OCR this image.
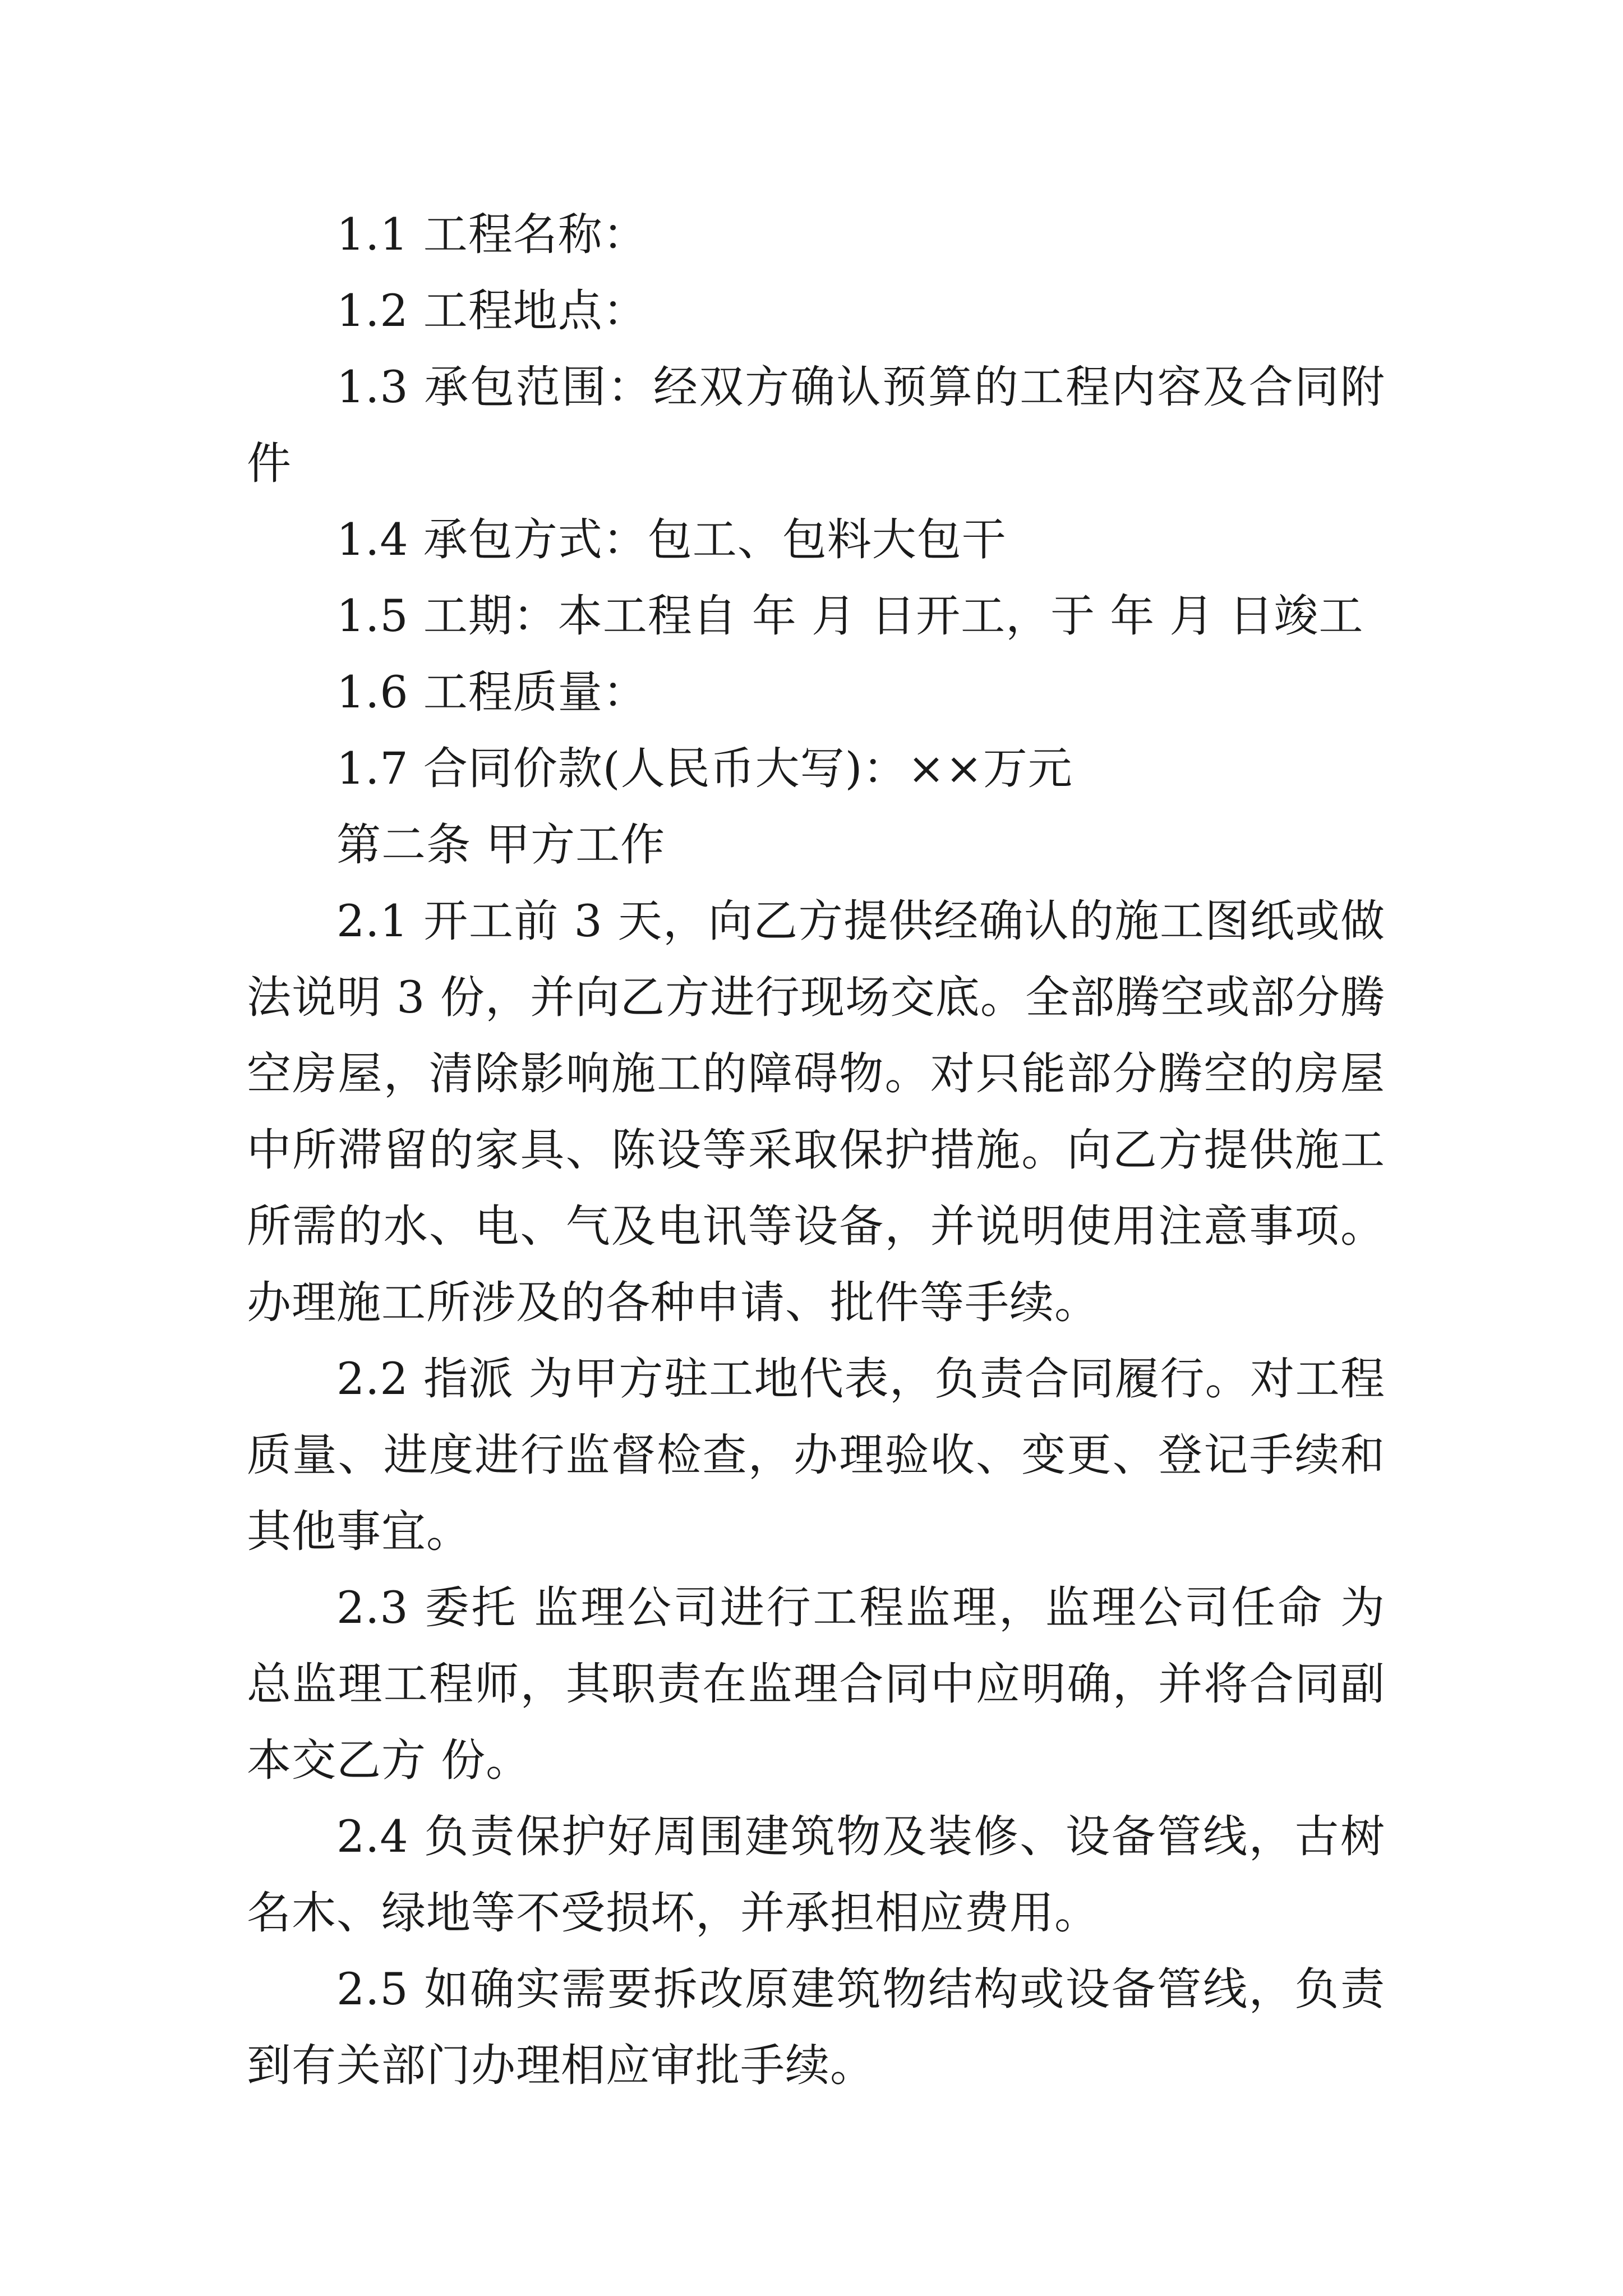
1.1 工程名称：

1.2 工程地点：

1.3 承包范围：经双方确认预算的工程内容及合同附件

1.4 承包方式：包工、包料大包干

1.5 工期：本工程自 年 月 日开工，于 年 月 日竣工

1.6 工程质量：

1.7 合同价款(人民币大写)：××万元

第二条 甲方工作

2.1 开工前 3 天，向乙方提供经确认的施工图纸或做法说明 3 份，并向乙方进行现场交底。全部腾空或部分腾空房屋，清除影响施工的障碍物。对只能部分腾空的房屋中所滞留的家具、陈设等采取保护措施。向乙方提供施工所需的水、电、气及电讯等设备，并说明使用注意事项。办理施工所涉及的各种申请、批件等手续。

2.2 指派 为甲方驻工地代表，负责合同履行。对工程质量、进度进行监督检查，办理验收、变更、登记手续和其他事宜。

2.3 委托 监理公司进行工程监理，监理公司任命 为总监理工程师，其职责在监理合同中应明确，并将合同副本交乙方 份。

2.4 负责保护好周围建筑物及装修、设备管线，古树名木、绿地等不受损坏，并承担相应费用。

2.5 如确实需要拆改原建筑物结构或设备管线，负责到有关部门办理相应审批手续。
